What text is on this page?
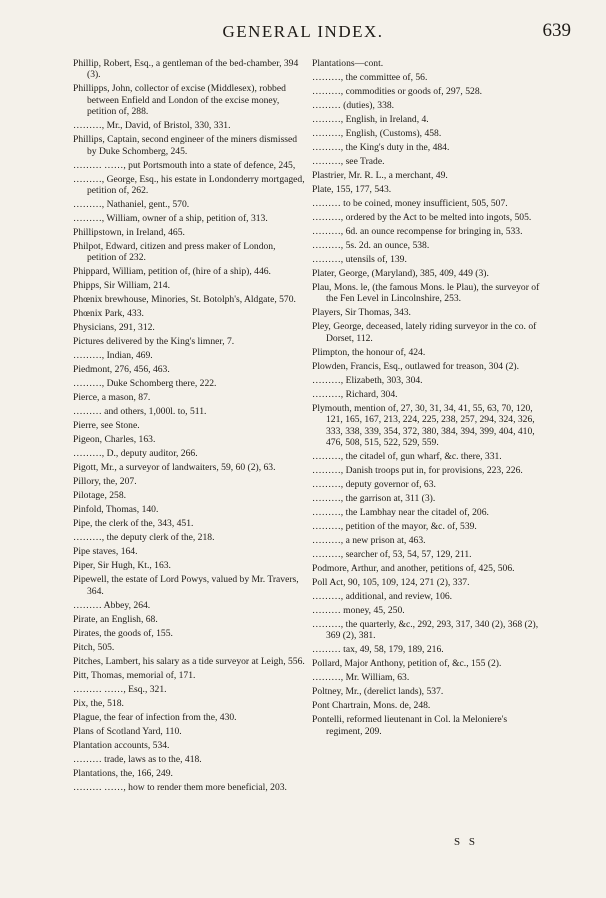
GENERAL INDEX.	639
Phillip, Robert, Esq., a gentleman of the bed-chamber, 394 (3).
Phillipps, John, collector of excise (Middlesex), robbed between Enfield and London of the excise money, petition of, 288.
………, Mr., David, of Bristol, 330, 331.
Phillips, Captain, second engineer of the miners dismissed by Duke Schomberg, 245.
……… ……, put Portsmouth into a state of defence, 245,
………, George, Esq., his estate in Londonderry mortgaged, petition of, 262.
………, Nathaniel, gent., 570.
………, William, owner of a ship, petition of, 313.
Phillipstown, in Ireland, 465.
Philpot, Edward, citizen and press maker of London, petition of 232.
Phippard, William, petition of, (hire of a ship), 446.
Phipps, Sir William, 214.
Phœnix brewhouse, Minories, St. Botolph's, Aldgate, 570.
Phœnix Park, 433.
Physicians, 291, 312.
Pictures delivered by the King's limner, 7.
………, Indian, 469.
Piedmont, 276, 456, 463.
………, Duke Schomberg there, 222.
Pierce, a mason, 87.
……… and others, 1,000l. to, 511.
Pierre, see Stone.
Pigeon, Charles, 163.
………, D., deputy auditor, 266.
Pigott, Mr., a surveyor of landwaiters, 59, 60 (2), 63.
Pillory, the, 207.
Pilotage, 258.
Pinfold, Thomas, 140.
Pipe, the clerk of the, 343, 451.
………, the deputy clerk of the, 218.
Pipe staves, 164.
Piper, Sir Hugh, Kt., 163.
Pipewell, the estate of Lord Powys, valued by Mr. Travers, 364.
……… Abbey, 264.
Pirate, an English, 68.
Pirates, the goods of, 155.
Pitch, 505.
Pitches, Lambert, his salary as a tide surveyor at Leigh, 556.
Pitt, Thomas, memorial of, 171.
……… ……, Esq., 321.
Pix, the, 518.
Plague, the fear of infection from the, 430.
Plans of Scotland Yard, 110.
Plantation accounts, 534.
……… trade, laws as to the, 418.
Plantations, the, 166, 249.
……… ……, how to render them more beneficial, 203.
Plantations—cont.
………, the committee of, 56.
………, commodities or goods of, 297, 528.
……… (duties), 338.
………, English, in Ireland, 4.
………, English, (Customs), 458.
………, the King's duty in the, 484.
………, see Trade.
Plastrier, Mr. R. L., a merchant, 49.
Plate, 155, 177, 543.
……… to be coined, money insufficient, 505, 507.
………, ordered by the Act to be melted into ingots, 505.
………, 6d. an ounce recompense for bringing in, 533.
………, 5s. 2d. an ounce, 538.
………, utensils of, 139.
Plater, George, (Maryland), 385, 409, 449 (3).
Plau, Mons. le, (the famous Mons. le Plau), the surveyor of the Fen Level in Lincolnshire, 253.
Players, Sir Thomas, 343.
Pley, George, deceased, lately riding surveyor in the co. of Dorset, 112.
Plimpton, the honour of, 424.
Plowden, Francis, Esq., outlawed for treason, 304 (2).
………, Elizabeth, 303, 304.
………, Richard, 304.
Plymouth, mention of, 27, 30, 31, 34, 41, 55, 63, 70, 120, 121, 165, 167, 213, 224, 225, 238, 257, 294, 324, 326, 333, 338, 339, 354, 372, 380, 384, 394, 399, 404, 410, 476, 508, 515, 522, 529, 559.
………, the citadel of, gun wharf, &c. there, 331.
………, Danish troops put in, for provisions, 223, 226.
………, deputy governor of, 63.
………, the garrison at, 311 (3).
………, the Lambhay near the citadel of, 206.
………, petition of the mayor, &c. of, 539.
………, a new prison at, 463.
………, searcher of, 53, 54, 57, 129, 211.
Podmore, Arthur, and another, petitions of, 425, 506.
Poll Act, 90, 105, 109, 124, 271 (2), 337.
………, additional, and review, 106.
……… money, 45, 250.
………, the quarterly, &c., 292, 293, 317, 340 (2), 368 (2), 369 (2), 381.
……… tax, 49, 58, 179, 189, 216.
Pollard, Major Anthony, petition of, &c., 155 (2).
………, Mr. William, 63.
Poltney, Mr., (derelict lands), 537.
Pont Chartrain, Mons. de, 248.
Pontelli, reformed lieutenant in Col. la Meloniere's regiment, 209.
S S
